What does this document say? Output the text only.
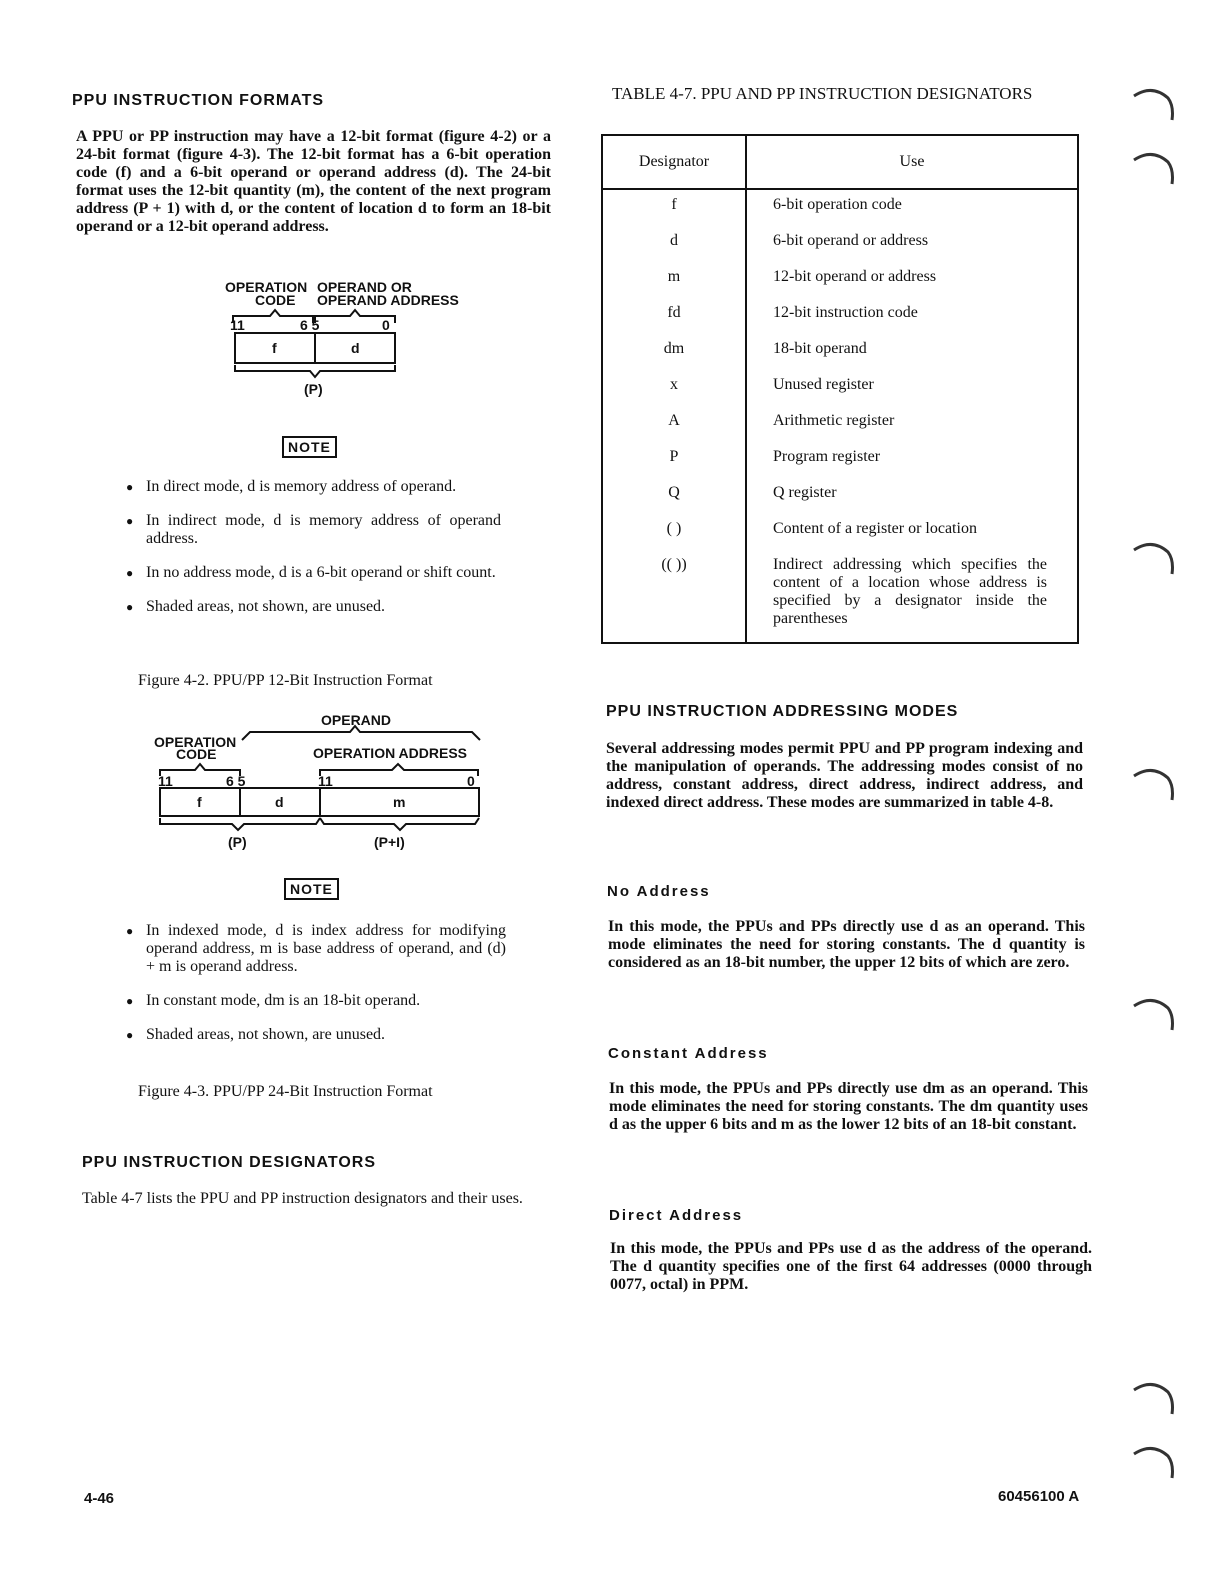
PPU INSTRUCTION FORMATS
A PPU or PP instruction may have a 12-bit format (figure 4-2) or a 24-bit format (figure 4-3). The 12-bit format has a 6-bit operation code (f) and a 6-bit operand or operand address (d). The 24-bit format uses the 12-bit quantity (m), the content of the next program address (P + 1) with d, or the content of location d to form an 18-bit operand or a 12-bit operand address.
OPERATION
CODE
OPERAND OR
OPERAND ADDRESS
11	6 5	0
f	d
(P)
NOTE
● In direct mode, d is memory address of operand.
● In indirect mode, d is memory address of operand address.
● In no address mode, d is a 6-bit operand or shift count.
● Shaded areas, not shown, are unused.
Figure 4-2. PPU/PP 12-Bit Instruction Format
OPERAND
OPERATION
CODE	OPERATION ADDRESS
11	6 5	11	0
f	d	m
(P)	(P+I)
NOTE
● In indexed mode, d is index address for modifying operand address, m is base address of operand, and (d) + m is operand address.
● In constant mode, dm is an 18-bit operand.
● Shaded areas, not shown, are unused.
Figure 4-3. PPU/PP 24-Bit Instruction Format
PPU INSTRUCTION DESIGNATORS
Table 4-7 lists the PPU and PP instruction designators and their uses.
TABLE 4-7. PPU AND PP INSTRUCTION DESIGNATORS
Designator	Use
f	6-bit operation code
d	6-bit operand or address
m	12-bit operand or address
fd	12-bit instruction code
dm	18-bit operand
x	Unused register
A	Arithmetic register
P	Program register
Q	Q register
( )	Content of a register or location
(( ))	Indirect addressing which specifies the content of a location whose address is specified by a designator inside the parentheses
PPU INSTRUCTION ADDRESSING MODES
Several addressing modes permit PPU and PP program indexing and the manipulation of operands. The addressing modes consist of no address, constant address, direct address, indirect address, and indexed direct address. These modes are summarized in table 4-8.
No Address
In this mode, the PPUs and PPs directly use d as an operand. This mode eliminates the need for storing constants. The d quantity is considered as an 18-bit number, the upper 12 bits of which are zero.
Constant Address
In this mode, the PPUs and PPs directly use dm as an operand. This mode eliminates the need for storing constants. The dm quantity uses d as the upper 6 bits and m as the lower 12 bits of an 18-bit constant.
Direct Address
In this mode, the PPUs and PPs use d as the address of the operand. The d quantity specifies one of the first 64 addresses (0000 through 0077, octal) in PPM.
4-46	60456100 A
